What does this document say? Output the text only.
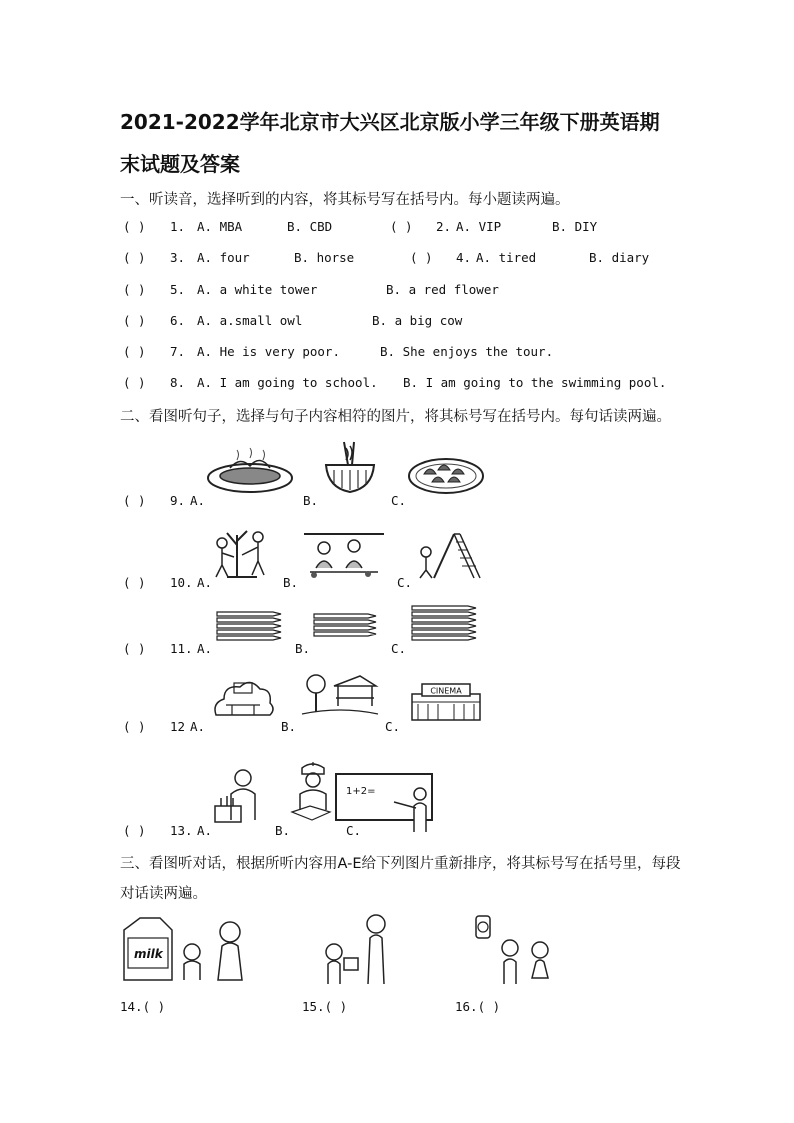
2021-2022学年北京市大兴区北京版小学三年级下册英语期
末试题及答案
一、听读音，选择听到的内容，将其标号写在括号内。每小题读两遍。
( ) 1. A. MBA	B. CBD	( ) 2. A. VIP	B. DIY
( ) 3. A. four	B. horse	( ) 4. A. tired	B. diary
( ) 5. A. a white tower	B. a red flower
( ) 6. A. a.small owl	B. a big cow
( ) 7. A. He is very poor.	B. She enjoys the tour.
( ) 8. A. I am going to school. B. I am going to the swimming pool.
二、看图听句子，选择与句子内容相符的图片，将其标号写在括号内。每句话读两遍。
( ) 9. A.	B.	C.
( ) 10. A.	B.	C.
( ) 11. A.	B.	C.
CINEMA
( ) 12 A.	B.	C.
1+2=
( ) 13. A.	B.	C.
三、看图听对话，根据所听内容用A-E给下列图片重新排序，将其标号写在括号里，每段
对话读两遍。
milk
14.( )	15.( )	16.( )
